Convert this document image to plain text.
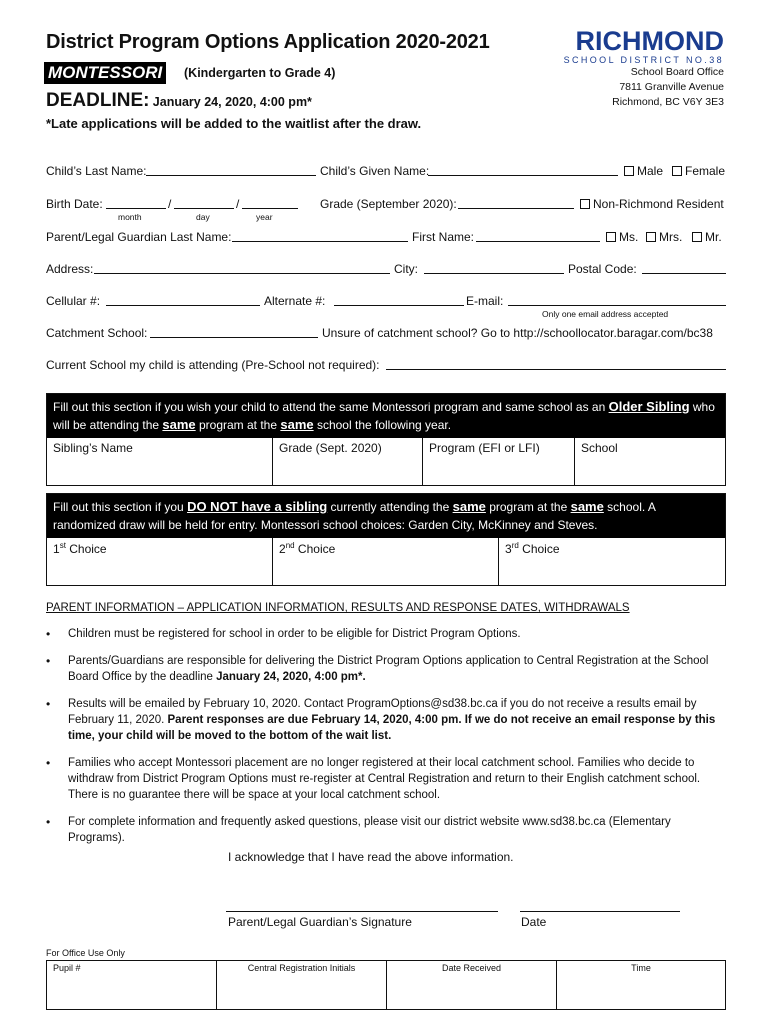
District Program Options Application 2020-2021
MONTESSORI	(Kindergarten to Grade 4)
DEADLINE: January 24, 2020, 4:00 pm*
*Late applications will be added to the waitlist after the draw.
RICHMOND
SCHOOL DISTRICT NO.38
School Board Office
7811 Granville Avenue
Richmond, BC V6Y 3E3
Child’s Last Name:	Child’s Given Name:	Male	Female
Birth Date:	/	/
month	day	year
Grade (September 2020):	Non-Richmond Resident
Parent/Legal Guardian Last Name:	First Name:	Ms.	Mrs.	Mr.
Address:	City:	Postal Code:
Cellular #:	Alternate #:	E-mail:
Only one email address accepted
Catchment School:	Unsure of catchment school? Go to http://schoollocator.baragar.com/bc38
Current School my child is attending (Pre-School not required):
Fill out this section if you wish your child to attend the same Montessori program and same school as an Older Sibling who will be attending the same program at the same school the following year.
Sibling’s Name	Grade (Sept. 2020)	Program (EFI or LFI)	School
Fill out this section if you DO NOT have a sibling currently attending the same program at the same school. A randomized draw will be held for entry. Montessori school choices: Garden City, McKinney and Steves.
1st Choice	2nd Choice	3rd Choice
PARENT INFORMATION – APPLICATION INFORMATION, RESULTS AND RESPONSE DATES, WITHDRAWALS
• Children must be registered for school in order to be eligible for District Program Options.
• Parents/Guardians are responsible for delivering the District Program Options application to Central Registration at the School Board Office by the deadline January 24, 2020, 4:00 pm*.
• Results will be emailed by February 10, 2020. Contact ProgramOptions@sd38.bc.ca if you do not receive a results email by February 11, 2020. Parent responses are due February 14, 2020, 4:00 pm. If we do not receive an email response by this time, your child will be moved to the bottom of the wait list.
• Families who accept Montessori placement are no longer registered at their local catchment school. Families who decide to withdraw from District Program Options must re-register at Central Registration and return to their English catchment school. There is no guarantee there will be space at your local catchment school.
• For complete information and frequently asked questions, please visit our district website www.sd38.bc.ca (Elementary Programs).
I acknowledge that I have read the above information.
Parent/Legal Guardian’s Signature	Date
For Office Use Only
Pupil #	Central Registration Initials	Date Received	Time
